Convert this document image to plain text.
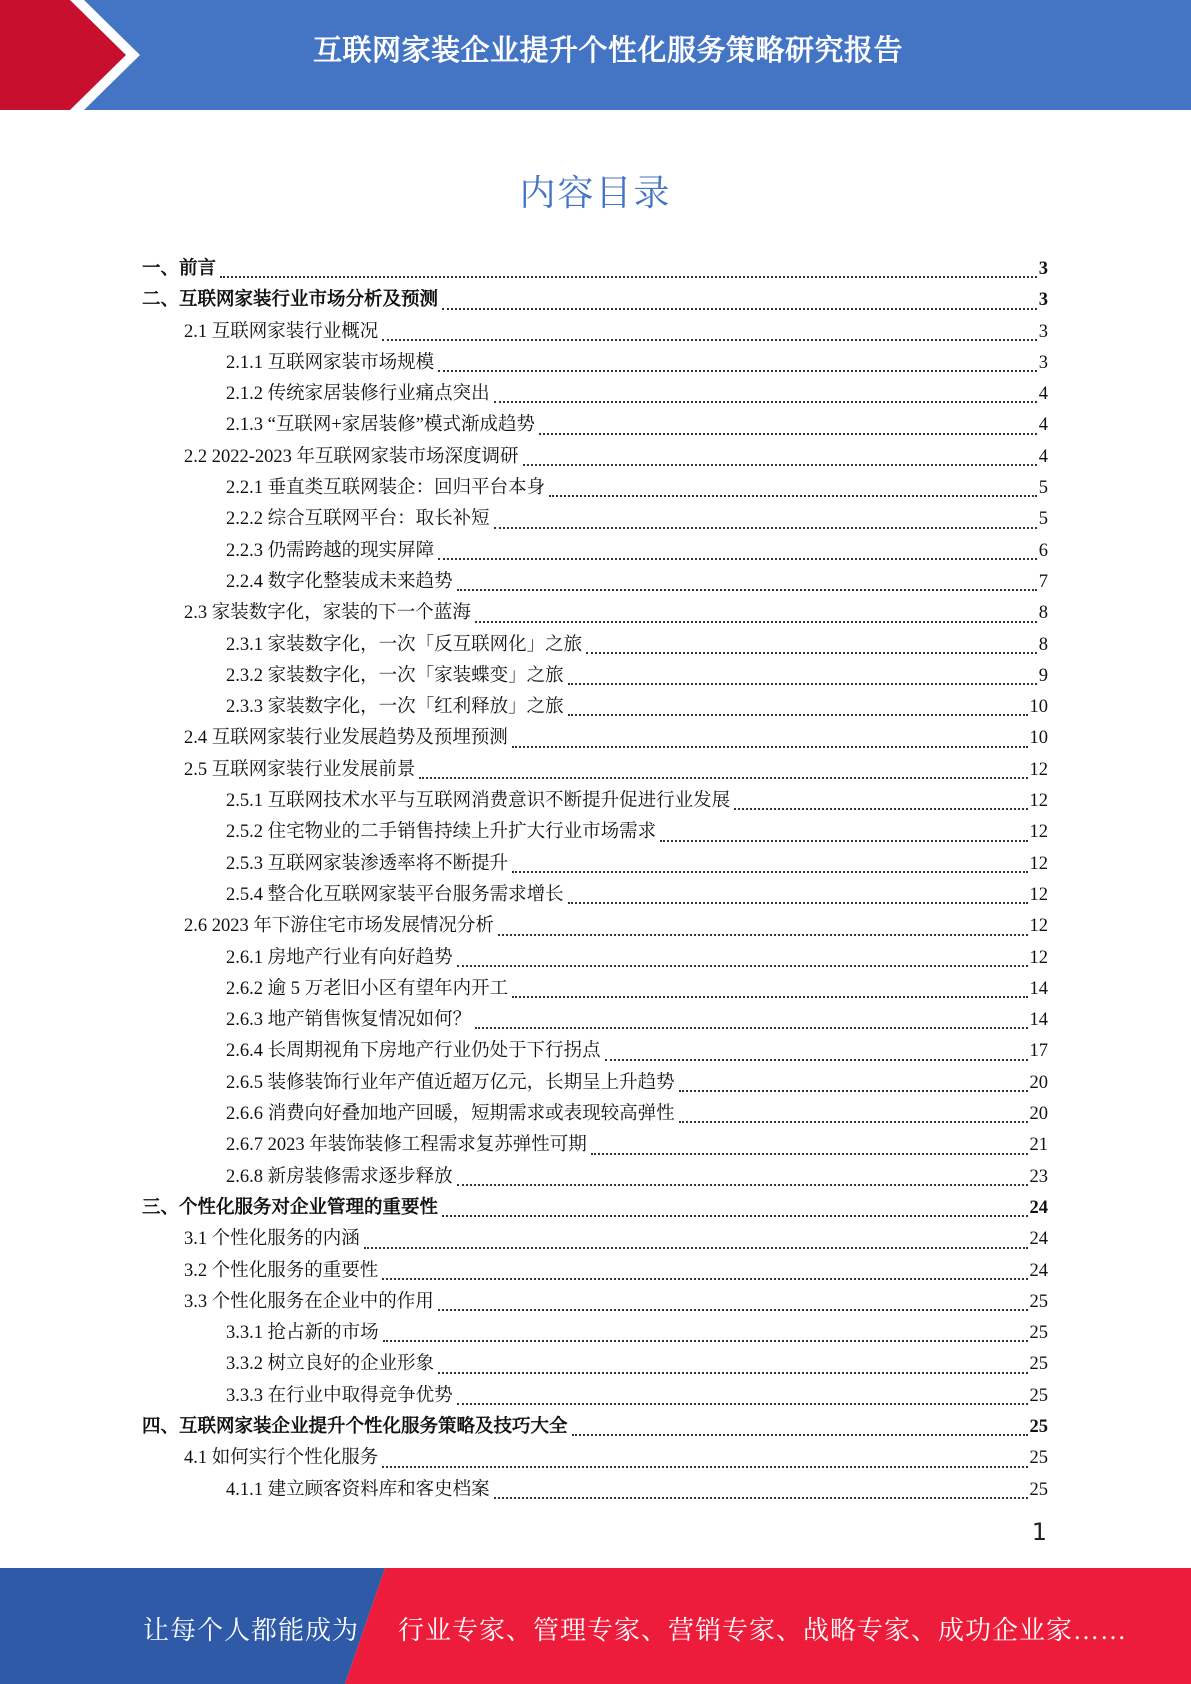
互联网家装企业提升个性化服务策略研究报告
内容目录
一、前言	3
二、互联网家装行业市场分析及预测	3
2.1 互联网家装行业概况	3
2.1.1 互联网家装市场规模	3
2.1.2 传统家居装修行业痛点突出	4
2.1.3 “互联网+家居装修”模式渐成趋势	4
2.2 2022-2023 年互联网家装市场深度调研	4
2.2.1 垂直类互联网装企：回归平台本身	5
2.2.2 综合互联网平台：取长补短	5
2.2.3 仍需跨越的现实屏障	6
2.2.4 数字化整装成未来趋势	7
2.3 家装数字化，家装的下一个蓝海	8
2.3.1 家装数字化，一次「反互联网化」之旅	8
2.3.2 家装数字化，一次「家装蝶变」之旅	9
2.3.3 家装数字化，一次「红利释放」之旅	10
2.4 互联网家装行业发展趋势及预埋预测	10
2.5 互联网家装行业发展前景	12
2.5.1 互联网技术水平与互联网消费意识不断提升促进行业发展	12
2.5.2 住宅物业的二手销售持续上升扩大行业市场需求	12
2.5.3 互联网家装渗透率将不断提升	12
2.5.4 整合化互联网家装平台服务需求增长	12
2.6 2023 年下游住宅市场发展情况分析	12
2.6.1 房地产行业有向好趋势	12
2.6.2 逾 5 万老旧小区有望年内开工	14
2.6.3 地产销售恢复情况如何？	14
2.6.4 长周期视角下房地产行业仍处于下行拐点	17
2.6.5 装修装饰行业年产值近超万亿元，长期呈上升趋势	20
2.6.6 消费向好叠加地产回暖，短期需求或表现较高弹性	20
2.6.7 2023 年装饰装修工程需求复苏弹性可期	21
2.6.8 新房装修需求逐步释放	23
三、个性化服务对企业管理的重要性	24
3.1 个性化服务的内涵	24
3.2 个性化服务的重要性	24
3.3 个性化服务在企业中的作用	25
3.3.1 抢占新的市场	25
3.3.2 树立良好的企业形象	25
3.3.3 在行业中取得竞争优势	25
四、互联网家装企业提升个性化服务策略及技巧大全	25
4.1 如何实行个性化服务	25
4.1.1 建立顾客资料库和客史档案	25
1
让每个人都能成为 行业专家、管理专家、营销专家、战略专家、成功企业家……
